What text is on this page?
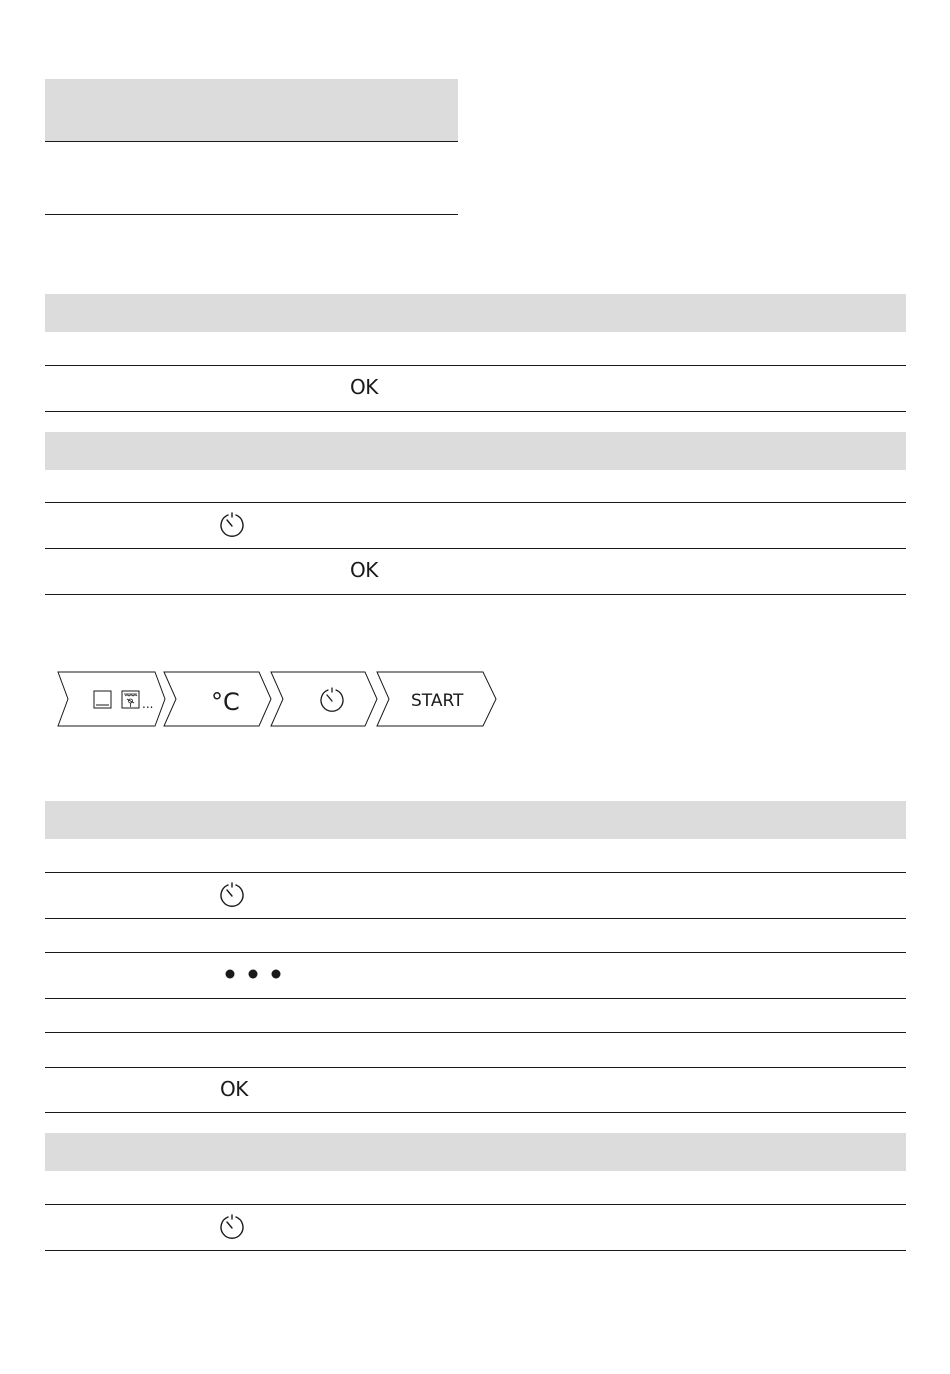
OK
OK
... °C	START
OK
